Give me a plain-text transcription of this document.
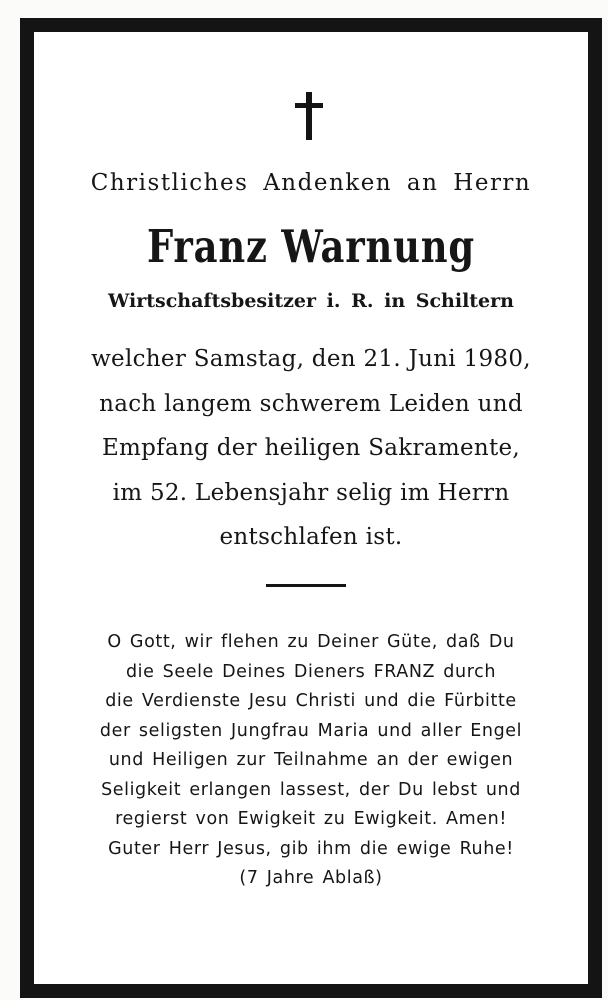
Christliches Andenken an Herrn
Franz Warnung
Wirtschaftsbesitzer i. R. in Schiltern
welcher Samstag, den 21. Juni 1980,
nach langem schwerem Leiden und
Empfang der heiligen Sakramente,
im 52. Lebensjahr selig im Herrn
entschlafen ist.
O Gott, wir flehen zu Deiner Güte, daß Du
die Seele Deines Dieners FRANZ durch
die Verdienste Jesu Christi und die Fürbitte
der seligsten Jungfrau Maria und aller Engel
und Heiligen zur Teilnahme an der ewigen
Seligkeit erlangen lassest, der Du lebst und
regierst von Ewigkeit zu Ewigkeit. Amen!
Guter Herr Jesus, gib ihm die ewige Ruhe!
(7 Jahre Ablaß)
